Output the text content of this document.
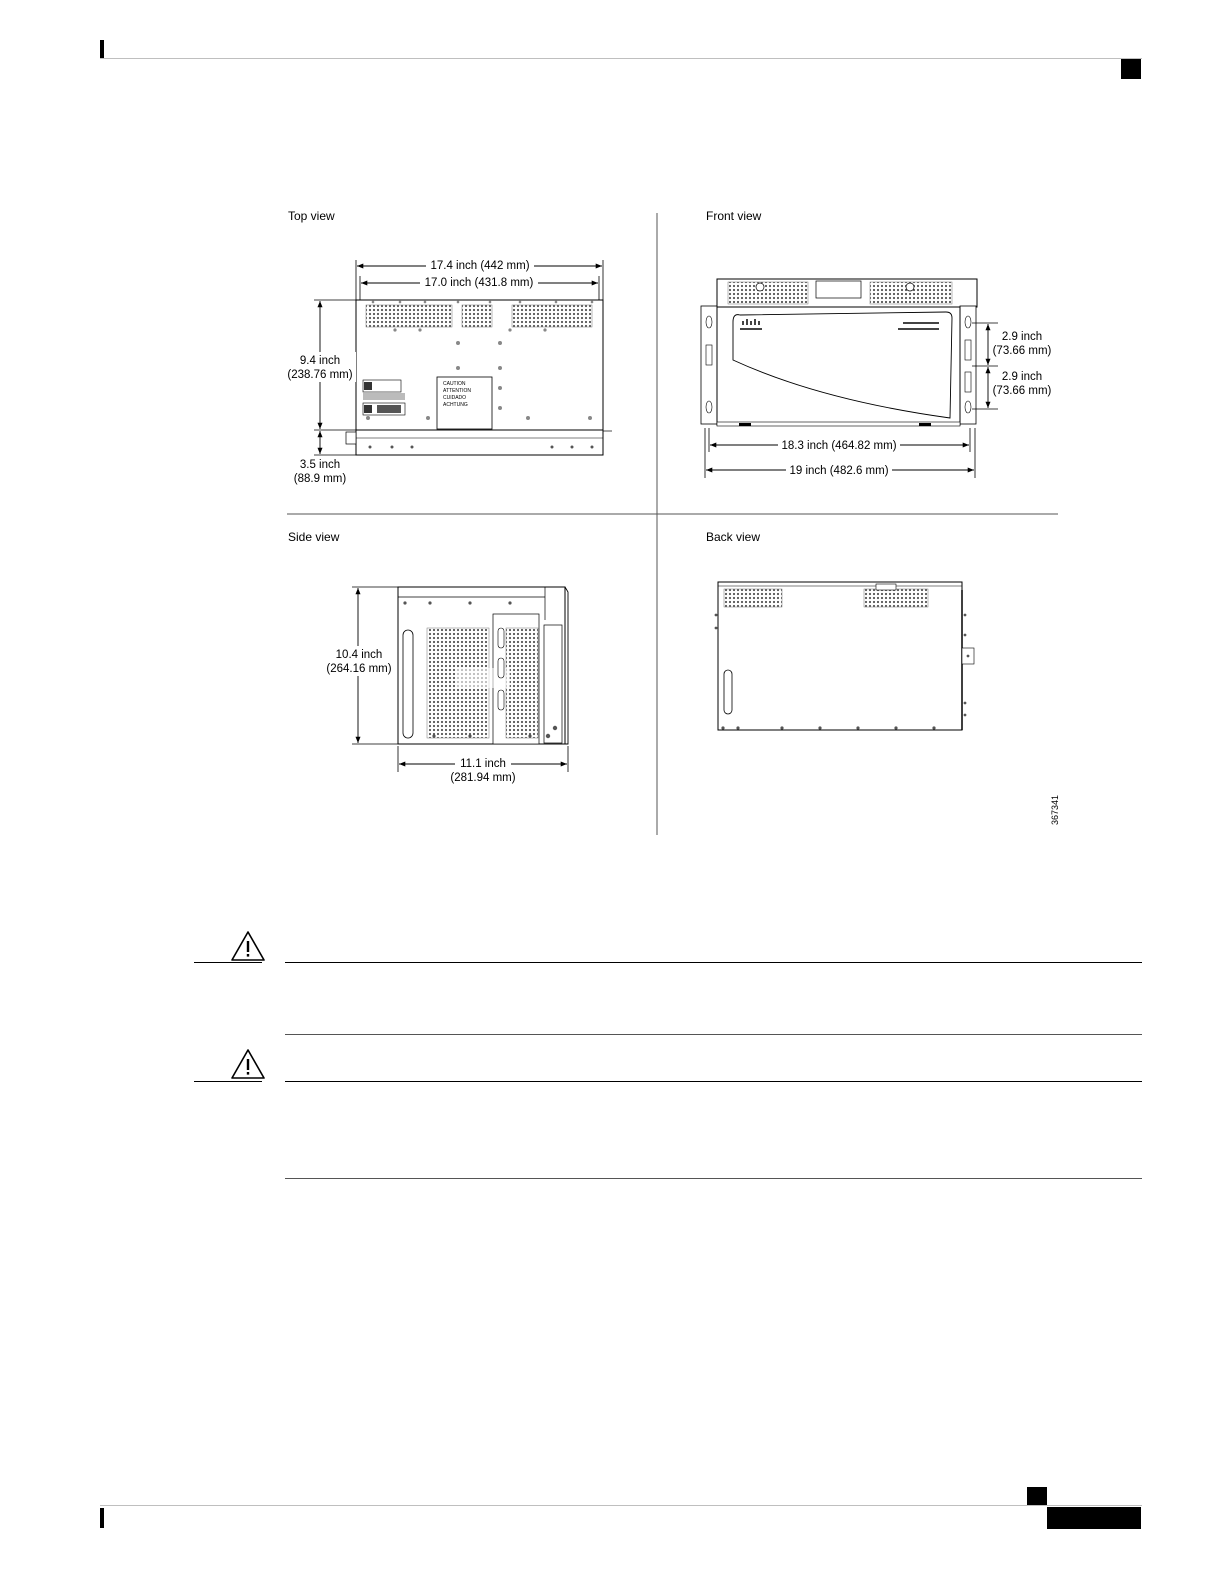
Top view
17.4 inch (442 mm)
17.0 inch (431.8 mm)
CAUTION
ATTENTION
CUIDADO
ACHTUNG
9.4 inch
(238.76 mm)
3.5 inch
(88.9 mm)
Front view
2.9 inch
(73.66 mm)
2.9 inch
(73.66 mm)
18.3 inch (464.82 mm)
19 inch (482.6 mm)
Side view
10.4 inch
(264.16 mm)
11.1 inch
(281.94 mm)
Back view
367341
